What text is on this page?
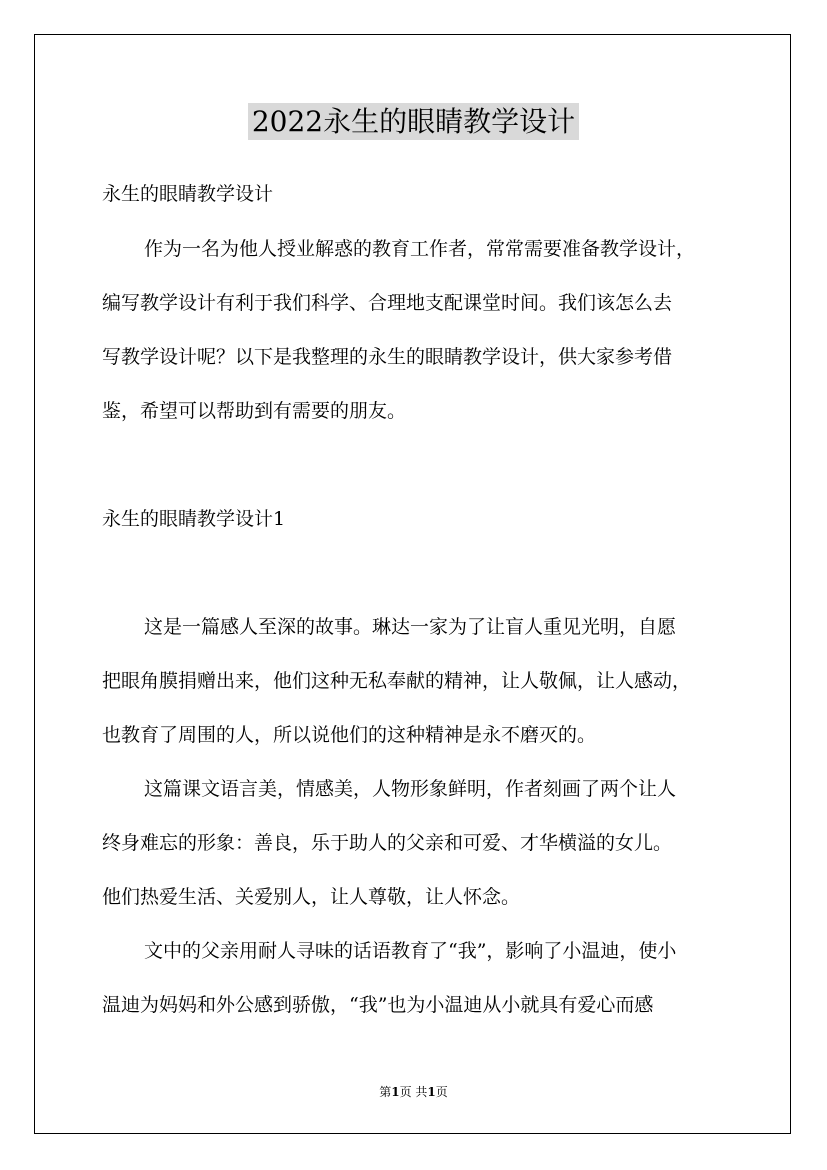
2022永生的眼睛教学设计
永生的眼睛教学设计
作为一名为他人授业解惑的教育工作者，常常需要准备教学设计，
编写教学设计有利于我们科学、合理地支配课堂时间。我们该怎么去
写教学设计呢？以下是我整理的永生的眼睛教学设计，供大家参考借
鉴，希望可以帮助到有需要的朋友。
永生的眼睛教学设计1
这是一篇感人至深的故事。琳达一家为了让盲人重见光明，自愿
把眼角膜捐赠出来，他们这种无私奉献的精神，让人敬佩，让人感动，
也教育了周围的人，所以说他们的这种精神是永不磨灭的。
这篇课文语言美，情感美，人物形象鲜明，作者刻画了两个让人
终身难忘的形象：善良，乐于助人的父亲和可爱、才华横溢的女儿。
他们热爱生活、关爱别人，让人尊敬，让人怀念。
文中的父亲用耐人寻味的话语教育了“我”，影响了小温迪，使小
温迪为妈妈和外公感到骄傲，“我”也为小温迪从小就具有爱心而感
第1页 共1页
